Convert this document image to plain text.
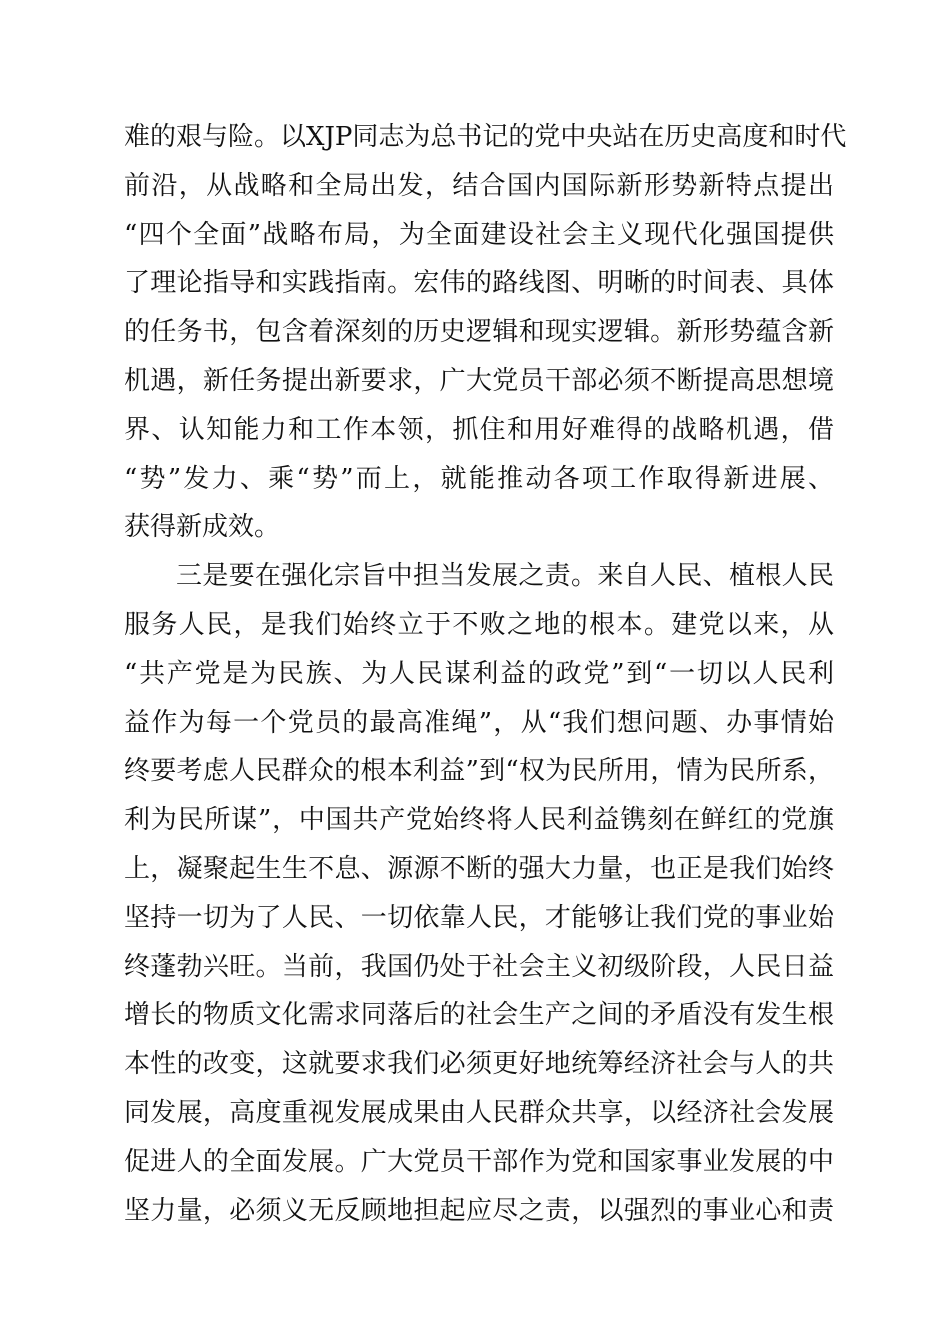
难的艰与险。以XJP同志为总书记的党中央站在历史高度和时代
前沿，从战略和全局出发，结合国内国际新形势新特点提出
“四个全面”战略布局，为全面建设社会主义现代化强国提供
了理论指导和实践指南。宏伟的路线图、明晰的时间表、具体
的任务书，包含着深刻的历史逻辑和现实逻辑。新形势蕴含新
机遇，新任务提出新要求，广大党员干部必须不断提高思想境
界、认知能力和工作本领，抓住和用好难得的战略机遇，借
“势”发力、乘“势”而上，就能推动各项工作取得新进展、
获得新成效。
三是要在强化宗旨中担当发展之责。来自人民、植根人民
服务人民，是我们始终立于不败之地的根本。建党以来，从
“共产党是为民族、为人民谋利益的政党”到“一切以人民利
益作为每一个党员的最高准绳”，从“我们想问题、办事情始
终要考虑人民群众的根本利益”到“权为民所用，情为民所系，
利为民所谋”，中国共产党始终将人民利益镌刻在鲜红的党旗
上，凝聚起生生不息、源源不断的强大力量，也正是我们始终
坚持一切为了人民、一切依靠人民，才能够让我们党的事业始
终蓬勃兴旺。当前，我国仍处于社会主义初级阶段，人民日益
增长的物质文化需求同落后的社会生产之间的矛盾没有发生根
本性的改变，这就要求我们必须更好地统筹经济社会与人的共
同发展，高度重视发展成果由人民群众共享，以经济社会发展
促进人的全面发展。广大党员干部作为党和国家事业发展的中
坚力量，必须义无反顾地担起应尽之责，以强烈的事业心和责
